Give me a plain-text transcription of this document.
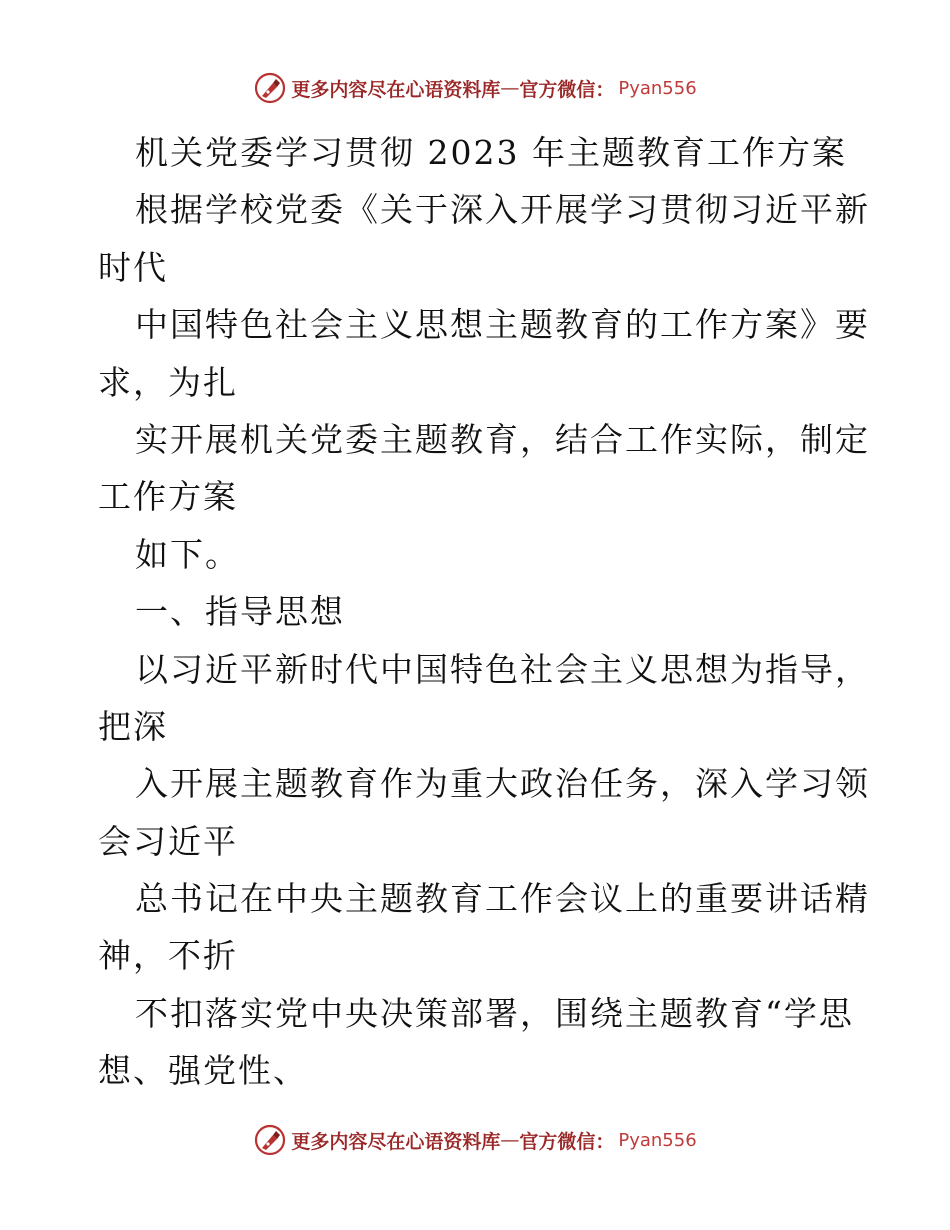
更多内容尽在心语资料库 — 官方微信： Pyan556
机关党委学习贯彻 2023 年主题教育工作方案
根据学校党委《关于深入开展学习贯彻习近平新
时代
中国特色社会主义思想主题教育的工作方案》要
求，为扎
实开展机关党委主题教育，结合工作实际，制定
工作方案
如下。
一、指导思想
以习近平新时代中国特色社会主义思想为指导，
把深
入开展主题教育作为重大政治任务，深入学习领
会习近平
总书记在中央主题教育工作会议上的重要讲话精
神，不折
不扣落实党中央决策部署，围绕主题教育“学思
想、强党性、
更多内容尽在心语资料库 — 官方微信： Pyan556
